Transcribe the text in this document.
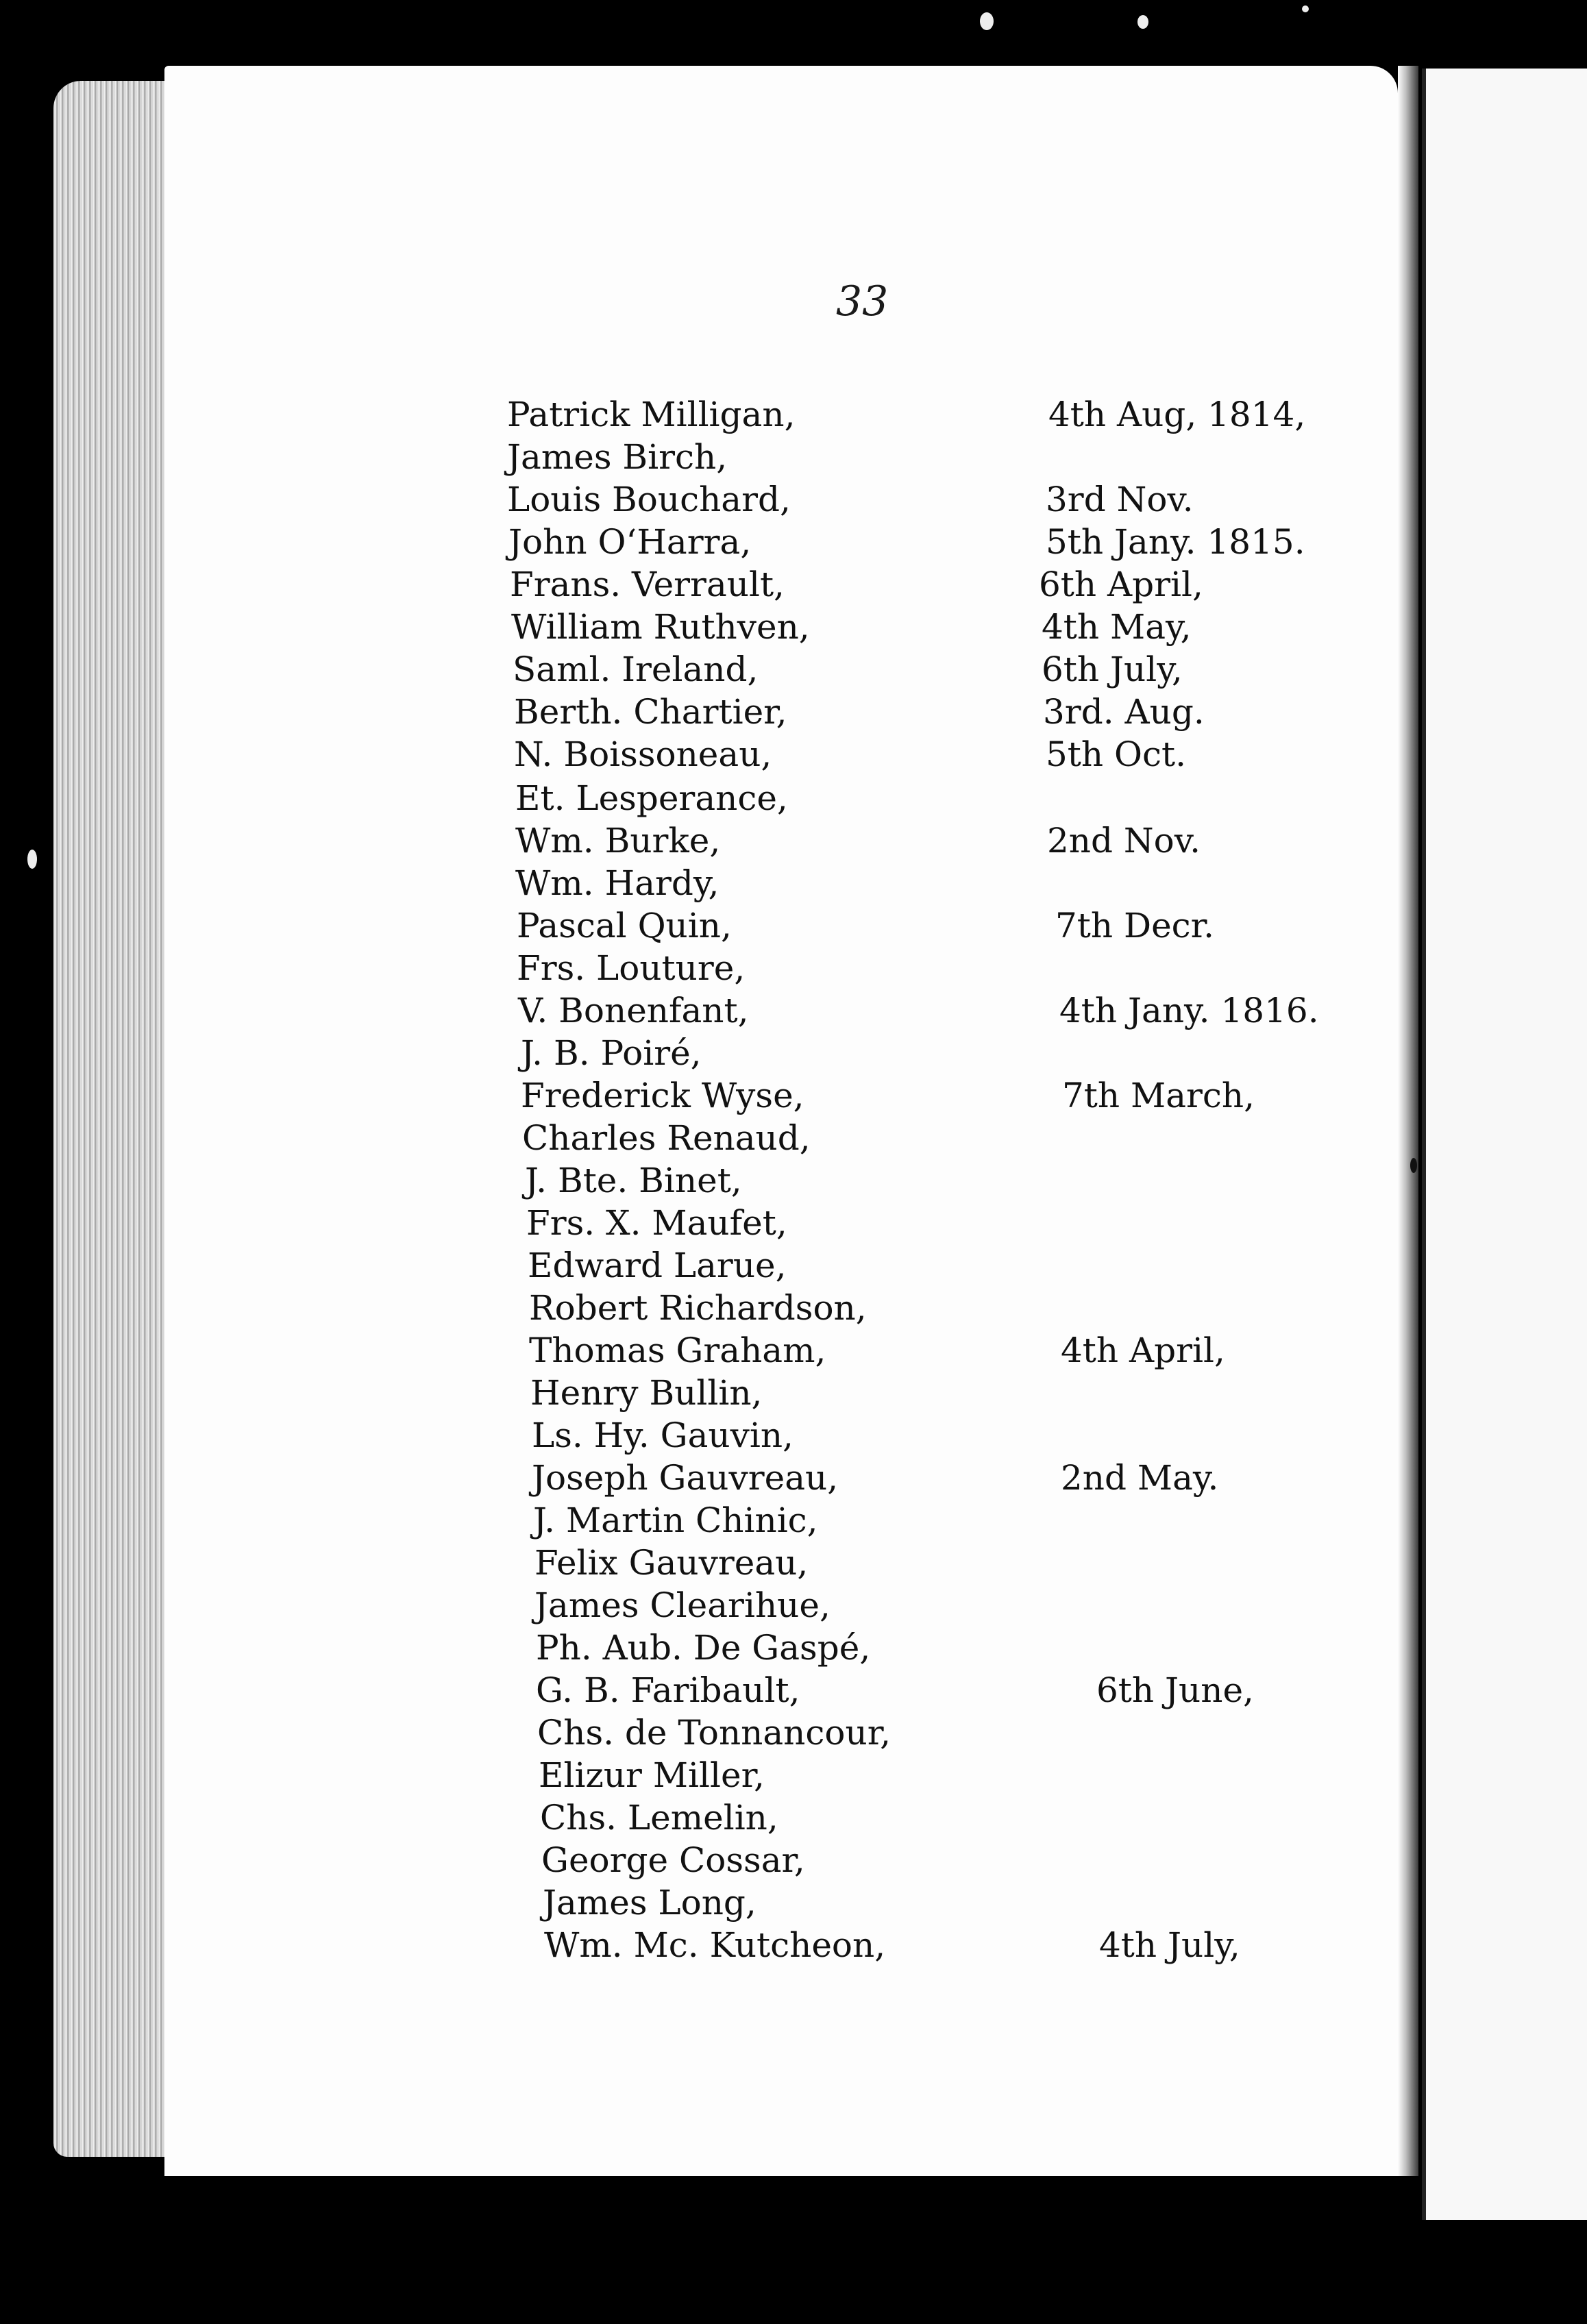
33
Patrick Milligan,	4th Aug, 1814,
James Birch,
Louis Bouchard,	3rd Nov.
John O‘Harra,	5th Jany. 1815.
Frans. Verrault,	6th April,
William Ruthven,	4th May,
Saml. Ireland,	6th July,
Berth. Chartier,	3rd. Aug.
N. Boissoneau,	5th Oct.
Et. Lesperance,
Wm. Burke,	2nd Nov.
Wm. Hardy,
Pascal Quin,	7th Decr.
Frs. Louture,
V. Bonenfant,	4th Jany. 1816.
J. B. Poiré,
Frederick Wyse,	7th March,
Charles Renaud,
J. Bte. Binet,
Frs. X. Maufet,
Edward Larue,
Robert Richardson,
Thomas Graham,	4th April,
Henry Bullin,
Ls. Hy. Gauvin,
Joseph Gauvreau,	2nd May.
J. Martin Chinic,
Felix Gauvreau,
James Clearihue,
Ph. Aub. De Gaspé,
G. B. Faribault,	6th June,
Chs. de Tonnancour,
Elizur Miller,
Chs. Lemelin,
George Cossar,
James Long,
Wm. Mc. Kutcheon,	4th July,
